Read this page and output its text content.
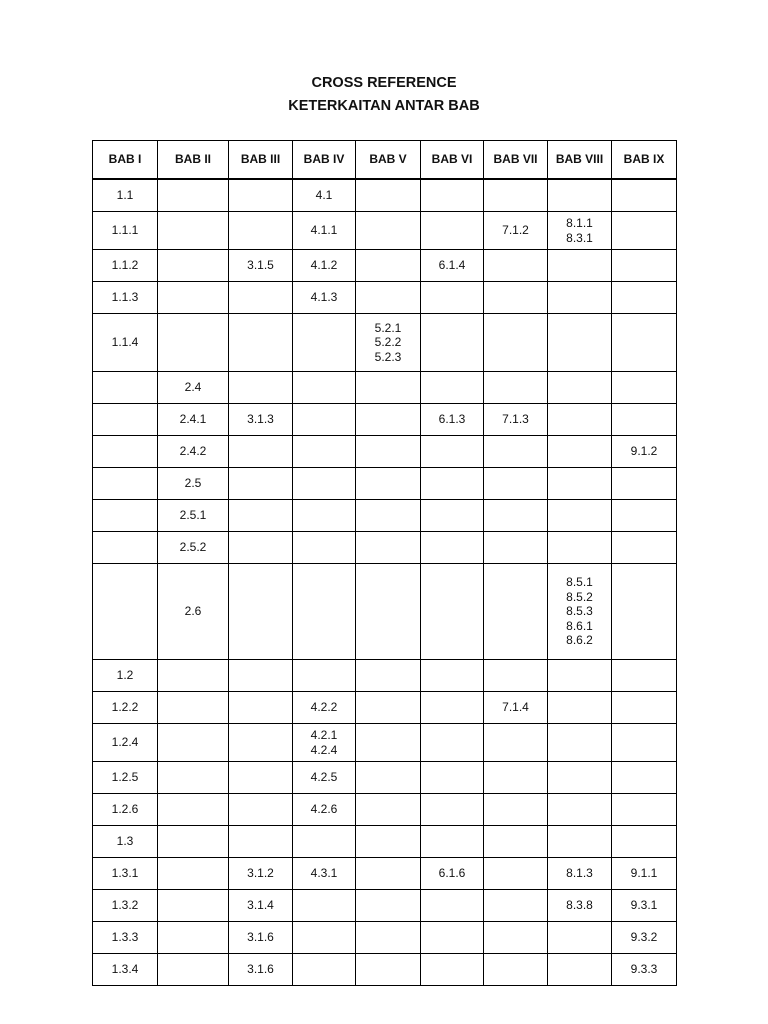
CROSS REFERENCE
KETERKAITAN ANTAR BAB
BAB I	BAB II	BAB III	BAB IV	BAB V	BAB VI	BAB VII	BAB VIII	BAB IX

1.1			4.1					

1.1.1			4.1.1			7.1.2	8.1.1
8.3.1	

1.1.2		3.1.5	4.1.2		6.1.4			

1.1.3			4.1.3					

1.1.4				5.2.1
5.2.2
5.2.3				

	2.4							

	2.4.1	3.1.3			6.1.3	7.1.3		

	2.4.2							9.1.2

	2.5							

	2.5.1							

	2.5.2							

	2.6						8.5.1
8.5.2
8.5.3
8.6.1
8.6.2	

1.2								

1.2.2			4.2.2			7.1.4		

1.2.4			4.2.1
4.2.4					

1.2.5			4.2.5					

1.2.6			4.2.6					

1.3								

1.3.1		3.1.2	4.3.1		6.1.6		8.1.3	9.1.1

1.3.2		3.1.4					8.3.8	9.3.1

1.3.3		3.1.6						9.3.2

1.3.4		3.1.6						9.3.3
